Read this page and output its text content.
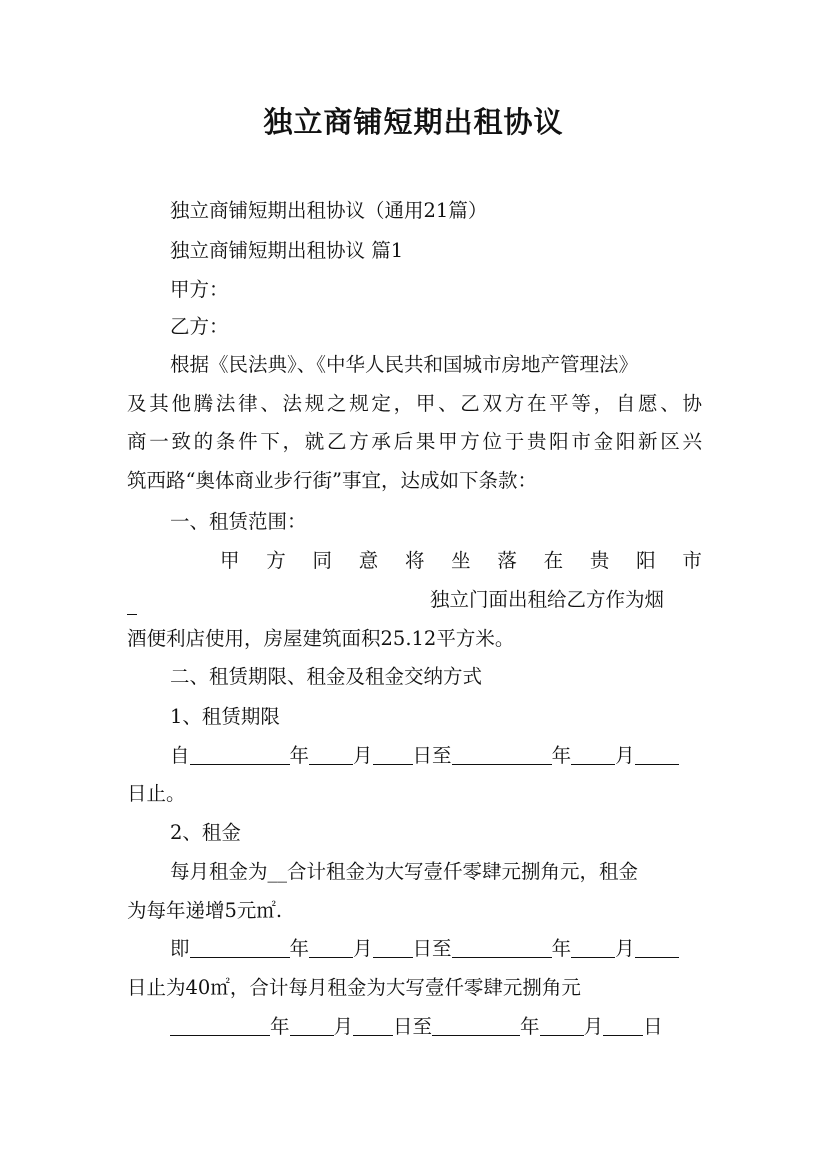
独立商铺短期出租协议
独立商铺短期出租协议（通用21篇）
独立商铺短期出租协议 篇1
甲方：
乙方：
根据《民法典》、《中华人民共和国城市房地产管理法》
及其他腾法律、法规之规定，甲、乙双方在平等，自愿、协
商一致的条件下，就乙方承后果甲方位于贵阳市金阳新区兴
筑西路“奥体商业步行街”事宜，达成如下条款：
一、租赁范围：
甲 方 同 意 将 坐 落 在 贵 阳 市
独立门面出租给乙方作为烟
酒便利店使用，房屋建筑面积25.12平方米。
二、租赁期限、租金及租金交纳方式
1、租赁期限
自	年 月 日至	年 月
日止。
2、租金
每月租金为__合计租金为大写壹仟零肆元捌角元，租金
为每年递增5元㎡.
即	年 月 日至	年 月
日止为40㎡，合计每月租金为大写壹仟零肆元捌角元
年 月 日至	年 月 日
